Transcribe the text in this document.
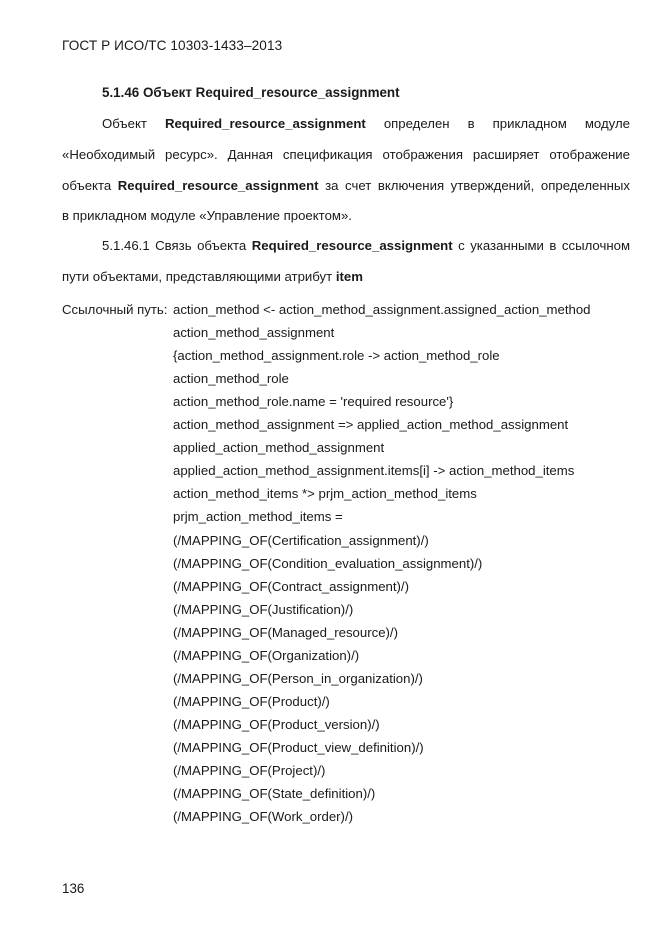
ГОСТ Р ИСО/ТС 10303-1433–2013
5.1.46 Объект Required_resource_assignment
Объект Required_resource_assignment определен в прикладном модуле
«Необходимый ресурс». Данная спецификация отображения расширяет отображение
объекта Required_resource_assignment за счет включения утверждений, определенных
в прикладном модуле «Управление проектом».
5.1.46.1 Связь объекта Required_resource_assignment с указанными в ссылочном
пути объектами, представляющими атрибут item
Ссылочный путь: action_method <- action_method_assignment.assigned_action_method
action_method_assignment
{action_method_assignment.role -> action_method_role
action_method_role
action_method_role.name = 'required resource'}
action_method_assignment => applied_action_method_assignment
applied_action_method_assignment
applied_action_method_assignment.items[i] -> action_method_items
action_method_items *> prjm_action_method_items
prjm_action_method_items =
(/MAPPING_OF(Certification_assignment)/)
(/MAPPING_OF(Condition_evaluation_assignment)/)
(/MAPPING_OF(Contract_assignment)/)
(/MAPPING_OF(Justification)/)
(/MAPPING_OF(Managed_resource)/)
(/MAPPING_OF(Organization)/)
(/MAPPING_OF(Person_in_organization)/)
(/MAPPING_OF(Product)/)
(/MAPPING_OF(Product_version)/)
(/MAPPING_OF(Product_view_definition)/)
(/MAPPING_OF(Project)/)
(/MAPPING_OF(State_definition)/)
(/MAPPING_OF(Work_order)/)
136
